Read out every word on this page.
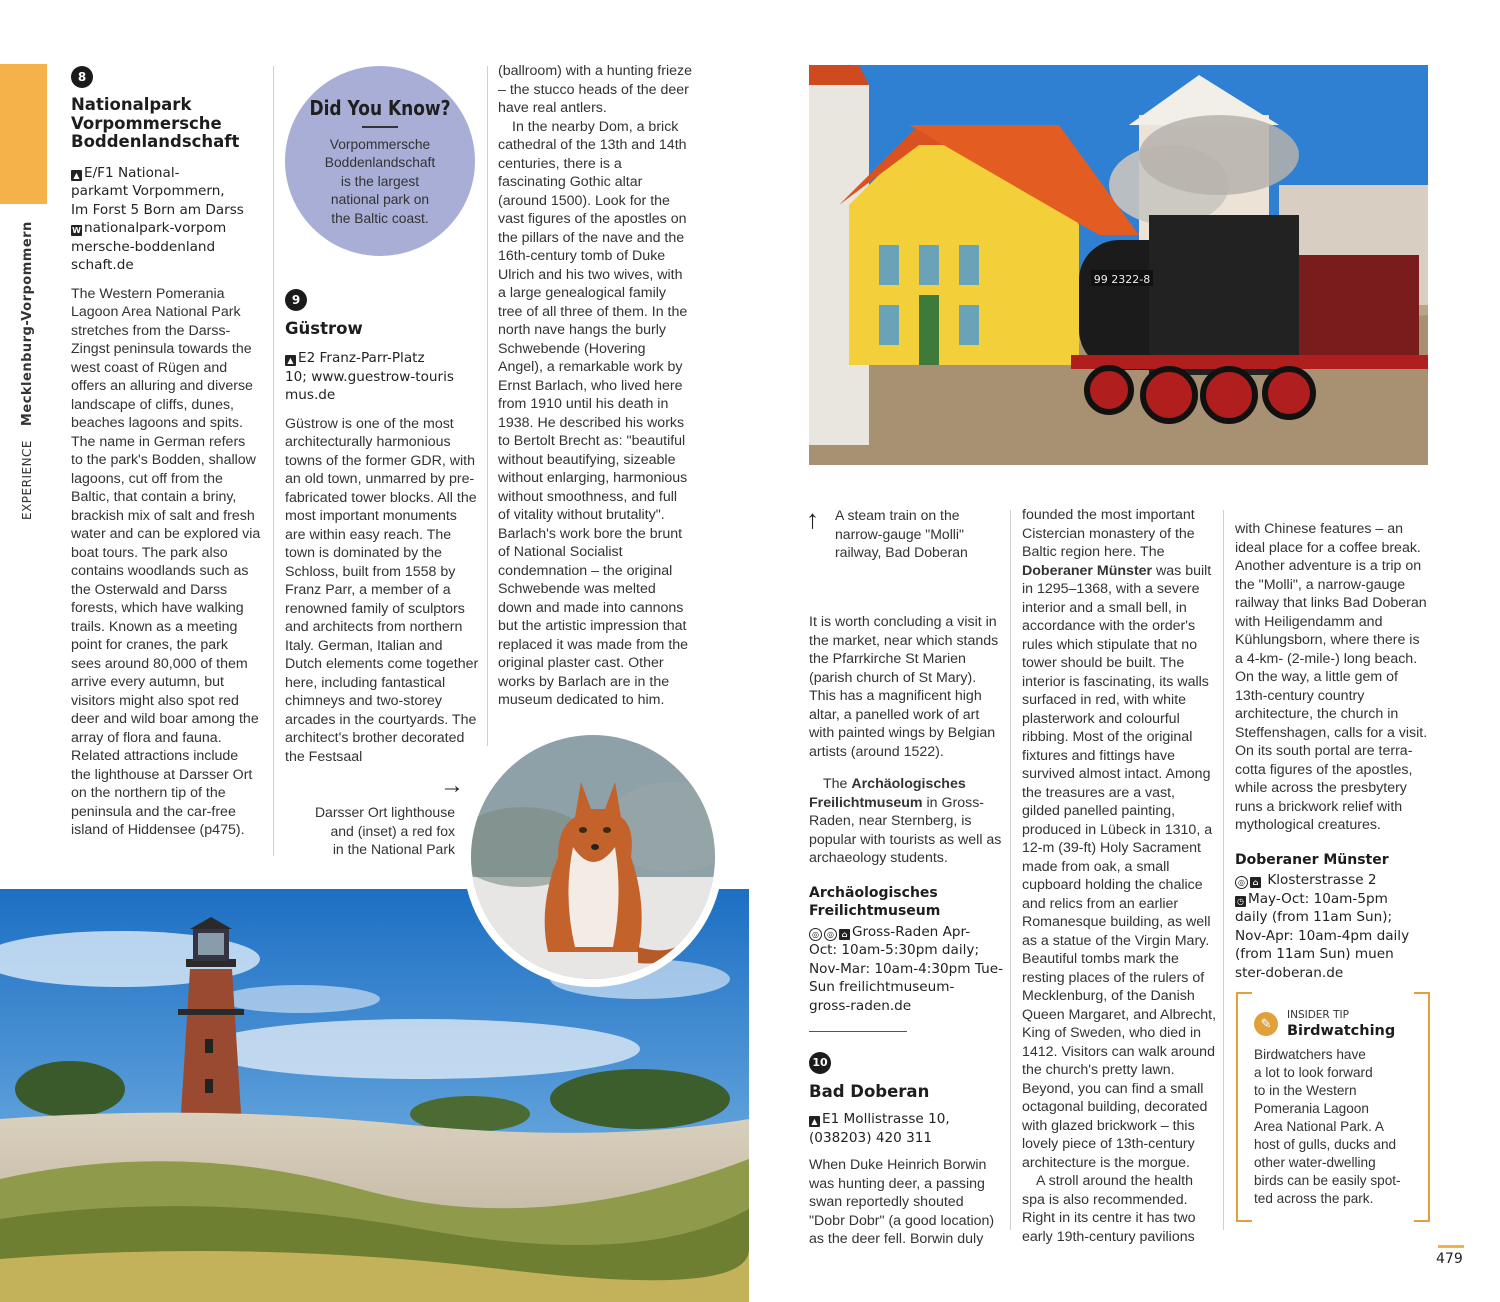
EXPERIENCE   Mecklenburg-Vorpommern
8
Nationalpark
Vorpommersche
Boddenlandschaft
▲ E/F1 National-
parkamt Vorpommern,
Im Forst 5 Born am Darss
W nationalpark-vorpom
mersche-boddenland
schaft.de

The Western Pomerania Lagoon Area National Park stretches from the Darss-Zingst peninsula towards the west coast of Rügen and offers an alluring and diverse landscape of cliffs, dunes, beaches lagoons and spits. The name in German refers to the park's Bodden, shallow lagoons, cut off from the Baltic, that contain a briny, brackish mix of salt and fresh water and can be explored via boat tours. The park also contains woodlands such as the Osterwald and Darss forests, which have walking trails. Known as a meeting point for cranes, the park sees around 80,000 of them arrive every autumn, but visitors might also spot red deer and wild boar among the array of flora and fauna. Related attractions include the lighthouse at Darsser Ort on the northern tip of the peninsula and the car-free island of Hiddensee (p475).

Did You Know?
Vorpommersche
Boddenlandschaft
is the largest
national park on
the Baltic coast.
9
Güstrow
▲ E2 Franz-Parr-Platz
10; www.guestrow-touris
mus.de

Güstrow is one of the most architecturally harmonious towns of the former GDR, with an old town, unmarred by pre-fabricated tower blocks. All the most important monuments are within easy reach. The town is dominated by the Schloss, built from 1558 by Franz Parr, a member of a renowned family of sculptors and architects from northern Italy. German, Italian and Dutch elements come together here, including fantastical chimneys and two-storey arcades in the courtyards. The architect's brother decorated the Festsaal

(ballroom) with a hunting frieze – the stucco heads of the deer have real antlers.

In the nearby Dom, a brick cathedral of the 13th and 14th centuries, there is a fascinating Gothic altar (around 1500). Look for the vast figures of the apostles on the pillars of the nave and the 16th-century tomb of Duke Ulrich and his two wives, with a large genealogical family tree of all three of them. In the north nave hangs the burly Schwebende (Hovering Angel), a remarkable work by Ernst Barlach, who lived here from 1910 until his death in 1938. He described his works to Bertolt Brecht as: "beautiful without beautifying, sizeable without enlarging, harmonious without smoothness, and full of vitality without brutality". Barlach's work bore the brunt of National Socialist condemnation – the original Schwebende was melted down and made into cannons but the artistic impression that replaced it was made from the original plaster cast. Other works by Barlach are in the museum dedicated to him.

→
Darsser Ort lighthouse
and (inset) a red fox
in the National Park
99 2322-8
↑ A steam train on the
narrow-gauge "Molli"
railway, Bad Doberan

It is worth concluding a visit in the market, near which stands the Pfarrkirche St Marien (parish church of St Mary). This has a magnificent high altar, a panelled work of art with painted wings by Belgian artists (around 1522).

The Archäologisches Freilichtmuseum in Gross-Raden, near Sternberg, is popular with tourists as well as archaeology students.

Archäologisches
Freilichtmuseum
◎ ◎ ⌂ Gross-Raden Apr-
Oct: 10am-5:30pm daily;
Nov-Mar: 10am-4:30pm Tue-
Sun freilichtmuseum-
gross-raden.de
10
Bad Doberan
▲ E1 Mollistrasse 10,
(038203) 420 311

When Duke Heinrich Borwin was hunting deer, a passing swan reportedly shouted "Dobr Dobr" (a good location) as the deer fell. Borwin duly

founded the most important Cistercian monastery of the Baltic region here. The Doberaner Münster was built in 1295–1368, with a severe interior and a small bell, in accordance with the order's rules which stipulate that no tower should be built. The interior is fascinating, its walls surfaced in red, with white plasterwork and colourful ribbing. Most of the original fixtures and fittings have survived almost intact. Among the treasures are a vast, gilded panelled painting, produced in Lübeck in 1310, a 12-m (39-ft) Holy Sacrament made from oak, a small cupboard holding the chalice and relics from an earlier Romanesque building, as well as a statue of the Virgin Mary. Beautiful tombs mark the resting places of the rulers of Mecklenburg, of the Danish Queen Margaret, and Albrecht, King of Sweden, who died in 1412. Visitors can walk around the church's pretty lawn. Beyond, you can find a small octagonal building, decorated with glazed brickwork – this lovely piece of 13th-century architecture is the morgue.

A stroll around the health spa is also recommended. Right in its centre it has two early 19th-century pavilions

with Chinese features – an ideal place for a coffee break. Another adventure is a trip on the "Molli", a narrow-gauge railway that links Bad Doberan with Heiligendamm and Kühlungsborn, where there is a 4-km- (2-mile-) long beach. On the way, a little gem of 13th-century country architecture, the church in Steffenshagen, calls for a visit. On its south portal are terra-cotta figures of the apostles, while across the presbytery runs a brickwork relief with mythological creatures.

Doberaner Münster
◎ ⌂ Klosterstrasse 2
◷ May-Oct: 10am-5pm
daily (from 11am Sun);
Nov-Apr: 10am-4pm daily
(from 11am Sun) muen
ster-doberan.de
✎
INSIDER TIP
Birdwatching
Birdwatchers have
a lot to look forward
to in the Western
Pomerania Lagoon
Area National Park. A
host of gulls, ducks and
other water-dwelling
birds can be easily spot-
ted across the park.
479
